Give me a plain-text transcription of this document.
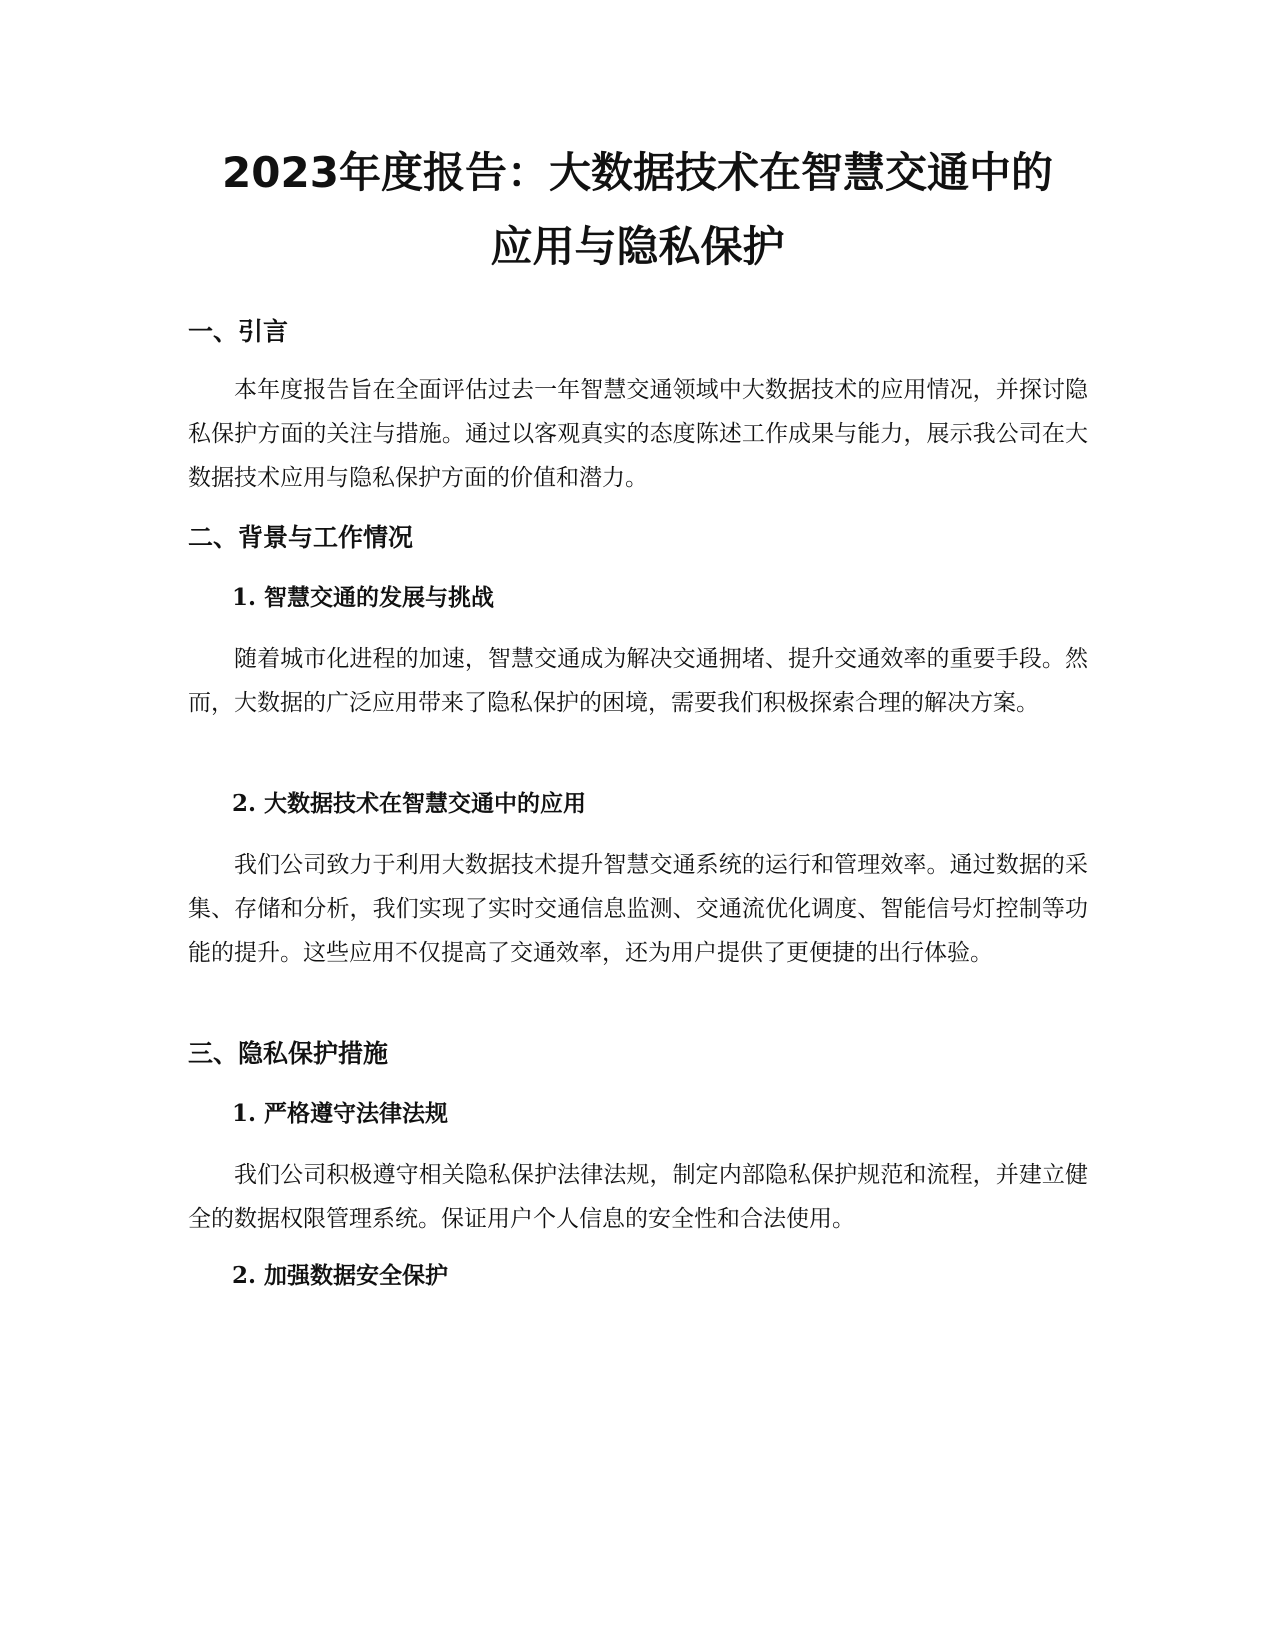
2023年度报告：大数据技术在智慧交通中的
应用与隐私保护
一、引言

本年度报告旨在全面评估过去一年智慧交通领域中大数据技术的应用情况，并探讨隐私保护方面的关注与措施。通过以客观真实的态度陈述工作成果与能力，展示我公司在大数据技术应用与隐私保护方面的价值和潜力。

二、背景与工作情况
1. 智慧交通的发展与挑战

随着城市化进程的加速，智慧交通成为解决交通拥堵、提升交通效率的重要手段。然而，大数据的广泛应用带来了隐私保护的困境，需要我们积极探索合理的解决方案。

2. 大数据技术在智慧交通中的应用

我们公司致力于利用大数据技术提升智慧交通系统的运行和管理效率。通过数据的采集、存储和分析，我们实现了实时交通信息监测、交通流优化调度、智能信号灯控制等功能的提升。这些应用不仅提高了交通效率，还为用户提供了更便捷的出行体验。

三、隐私保护措施
1. 严格遵守法律法规

我们公司积极遵守相关隐私保护法律法规，制定内部隐私保护规范和流程，并建立健全的数据权限管理系统。保证用户个人信息的安全性和合法使用。

2. 加强数据安全保护
